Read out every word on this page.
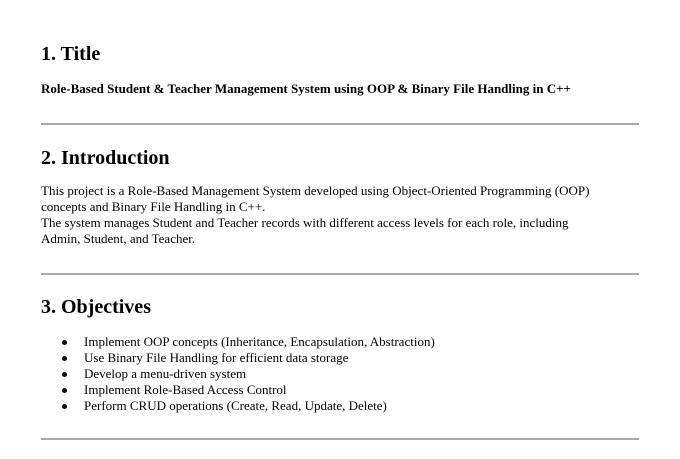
1. Title
Role-Based Student & Teacher Management System using OOP & Binary File Handling in C++
2. Introduction
This project is a Role-Based Management System developed using Object-Oriented Programming (OOP)
concepts and Binary File Handling in C++.
The system manages Student and Teacher records with different access levels for each role, including
Admin, Student, and Teacher.
3. Objectives
Implement OOP concepts (Inheritance, Encapsulation, Abstraction)
Use Binary File Handling for efficient data storage
Develop a menu-driven system
Implement Role-Based Access Control
Perform CRUD operations (Create, Read, Update, Delete)
